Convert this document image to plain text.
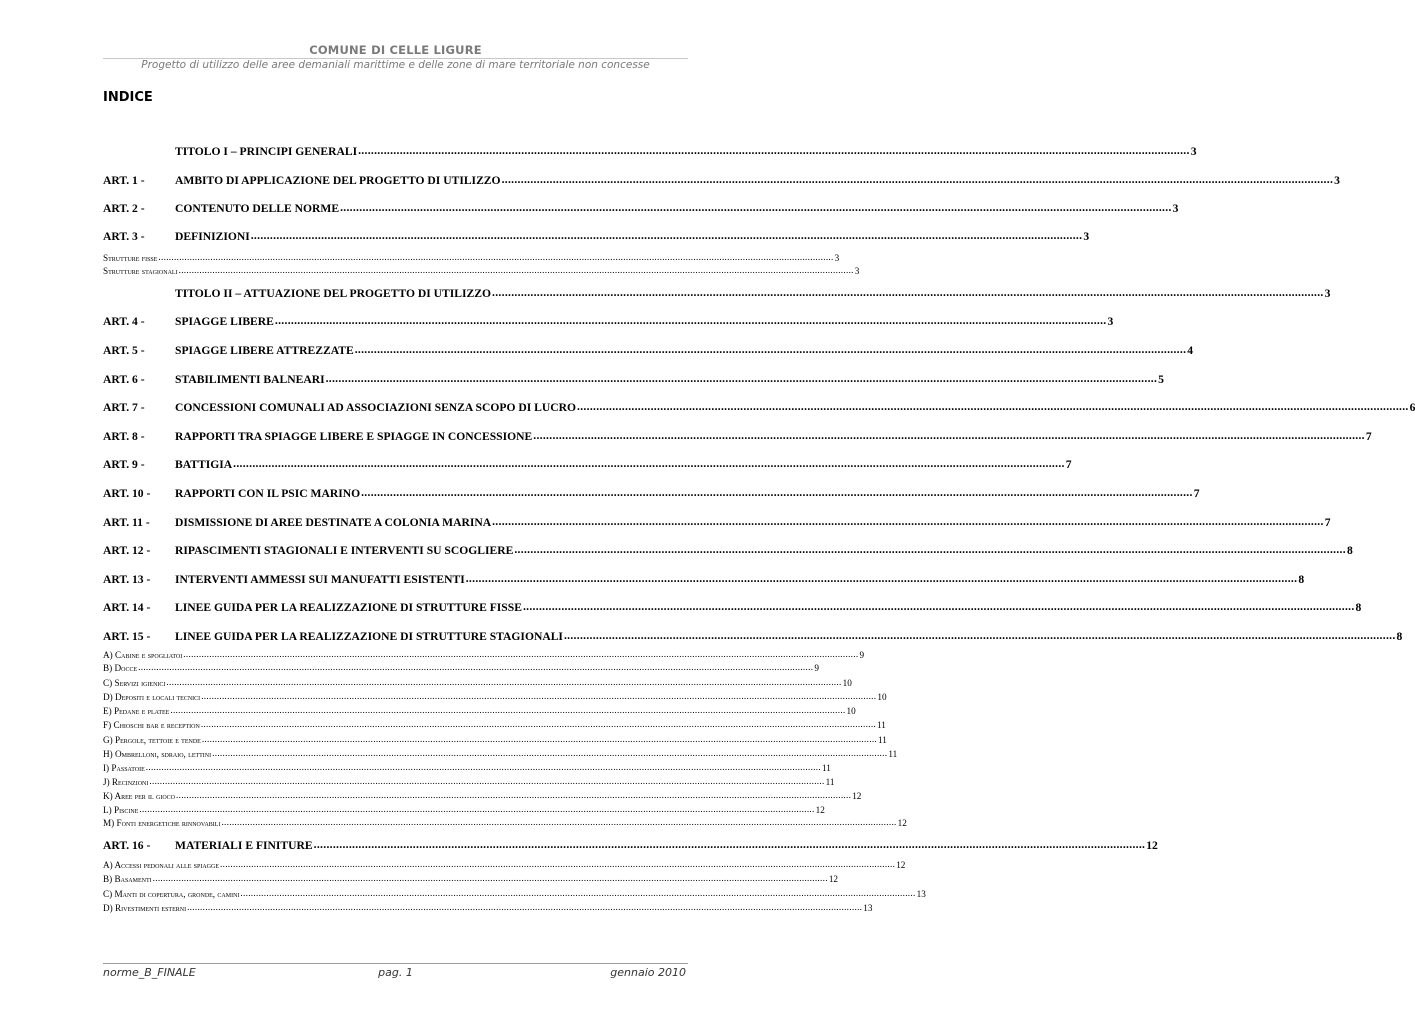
COMUNE DI CELLE LIGURE
Progetto di utilizzo delle aree demaniali marittime e delle zone di mare territoriale non concesse
INDICE
TITOLO I – PRINCIPI GENERALI .................................................................................................................................................................................................................................................................... 3
ART. 1 -	AMBITO DI APPLICAZIONE DEL PROGETTO DI UTILIZZO .................................................................................................................................................................................................................................................................... 3
ART. 2 -	CONTENUTO DELLE NORME .................................................................................................................................................................................................................................................................... 3
ART. 3 -	DEFINIZIONI .................................................................................................................................................................................................................................................................... 3
Strutture fisse .................................................................................................................................................................................................................................................................... 3
Strutture stagionali .................................................................................................................................................................................................................................................................... 3
TITOLO II – ATTUAZIONE DEL PROGETTO DI UTILIZZO .................................................................................................................................................................................................................................................................... 3
ART. 4 -	SPIAGGE LIBERE .................................................................................................................................................................................................................................................................... 3
ART. 5 -	SPIAGGE LIBERE ATTREZZATE .................................................................................................................................................................................................................................................................... 4
ART. 6 -	STABILIMENTI BALNEARI .................................................................................................................................................................................................................................................................... 5
ART. 7 -	CONCESSIONI COMUNALI AD ASSOCIAZIONI SENZA SCOPO DI LUCRO .................................................................................................................................................................................................................................................................... 6
ART. 8 -	RAPPORTI TRA SPIAGGE LIBERE E SPIAGGE IN CONCESSIONE .................................................................................................................................................................................................................................................................... 7
ART. 9 -	BATTIGIA .................................................................................................................................................................................................................................................................... 7
ART. 10 -	RAPPORTI CON IL PSIC MARINO .................................................................................................................................................................................................................................................................... 7
ART. 11 -	DISMISSIONE DI AREE DESTINATE A COLONIA MARINA .................................................................................................................................................................................................................................................................... 7
ART. 12 -	RIPASCIMENTI STAGIONALI E INTERVENTI SU SCOGLIERE .................................................................................................................................................................................................................................................................... 8
ART. 13 -	INTERVENTI AMMESSI SUI MANUFATTI ESISTENTI .................................................................................................................................................................................................................................................................... 8
ART. 14 -	LINEE GUIDA PER LA REALIZZAZIONE DI STRUTTURE FISSE .................................................................................................................................................................................................................................................................... 8
ART. 15 -	LINEE GUIDA PER LA REALIZZAZIONE DI STRUTTURE STAGIONALI .................................................................................................................................................................................................................................................................... 8
A) Cabine e spogliatoi .................................................................................................................................................................................................................................................................... 9
B) Docce .................................................................................................................................................................................................................................................................... 9
C) Servizi igienici .................................................................................................................................................................................................................................................................... 10
D) Depositi e locali tecnici .................................................................................................................................................................................................................................................................... 10
E) Pedane e platee .................................................................................................................................................................................................................................................................... 10
F) Chioschi bar e reception .................................................................................................................................................................................................................................................................... 11
G) Pergole, tettoie e tende .................................................................................................................................................................................................................................................................... 11
H) Ombrelloni, sdraio, lettini .................................................................................................................................................................................................................................................................... 11
I) Passatoie .................................................................................................................................................................................................................................................................... 11
J) Recinzioni .................................................................................................................................................................................................................................................................... 11
K) Aree per il gioco .................................................................................................................................................................................................................................................................... 12
L) Piscine .................................................................................................................................................................................................................................................................... 12
M) Fonti energetiche rinnovabili .................................................................................................................................................................................................................................................................... 12
ART. 16 -	MATERIALI E FINITURE .................................................................................................................................................................................................................................................................... 12
A) Accessi pedonali alle spiagge .................................................................................................................................................................................................................................................................... 12
B) Basamenti .................................................................................................................................................................................................................................................................... 12
C) Manti di copertura, gronde, camini .................................................................................................................................................................................................................................................................... 13
D) Rivestimenti esterni .................................................................................................................................................................................................................................................................... 13
norme_B_FINALE	pag. 1	gennaio 2010
